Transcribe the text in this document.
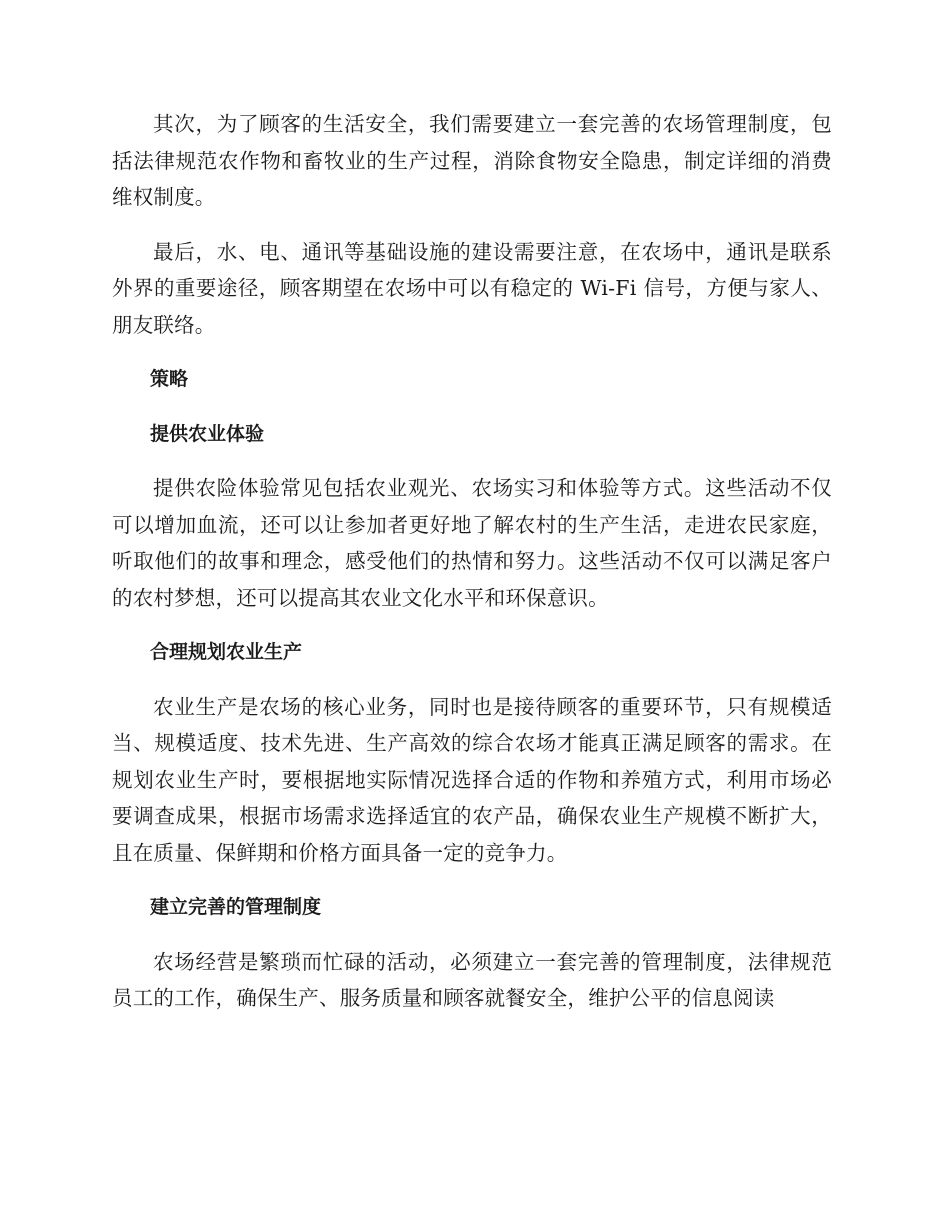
其次，为了顾客的生活安全，我们需要建立一套完善的农场管理制度，包括法律规范农作物和畜牧业的生产过程，消除食物安全隐患，制定详细的消费维权制度。

最后，水、电、通讯等基础设施的建设需要注意，在农场中，通讯是联系外界的重要途径，顾客期望在农场中可以有稳定的 Wi-Fi 信号，方便与家人、朋友联络。

策略

提供农业体验

提供农险体验常见包括农业观光、农场实习和体验等方式。这些活动不仅可以增加血流，还可以让参加者更好地了解农村的生产生活，走进农民家庭，听取他们的故事和理念，感受他们的热情和努力。这些活动不仅可以满足客户的农村梦想，还可以提高其农业文化水平和环保意识。

合理规划农业生产

农业生产是农场的核心业务，同时也是接待顾客的重要环节，只有规模适当、规模适度、技术先进、生产高效的综合农场才能真正满足顾客的需求。在规划农业生产时，要根据地实际情况选择合适的作物和养殖方式，利用市场必要调查成果，根据市场需求选择适宜的农产品，确保农业生产规模不断扩大，且在质量、保鲜期和价格方面具备一定的竞争力。

建立完善的管理制度

农场经营是繁琐而忙碌的活动，必须建立一套完善的管理制度，法律规范员工的工作，确保生产、服务质量和顾客就餐安全，维护公平的信息阅读
